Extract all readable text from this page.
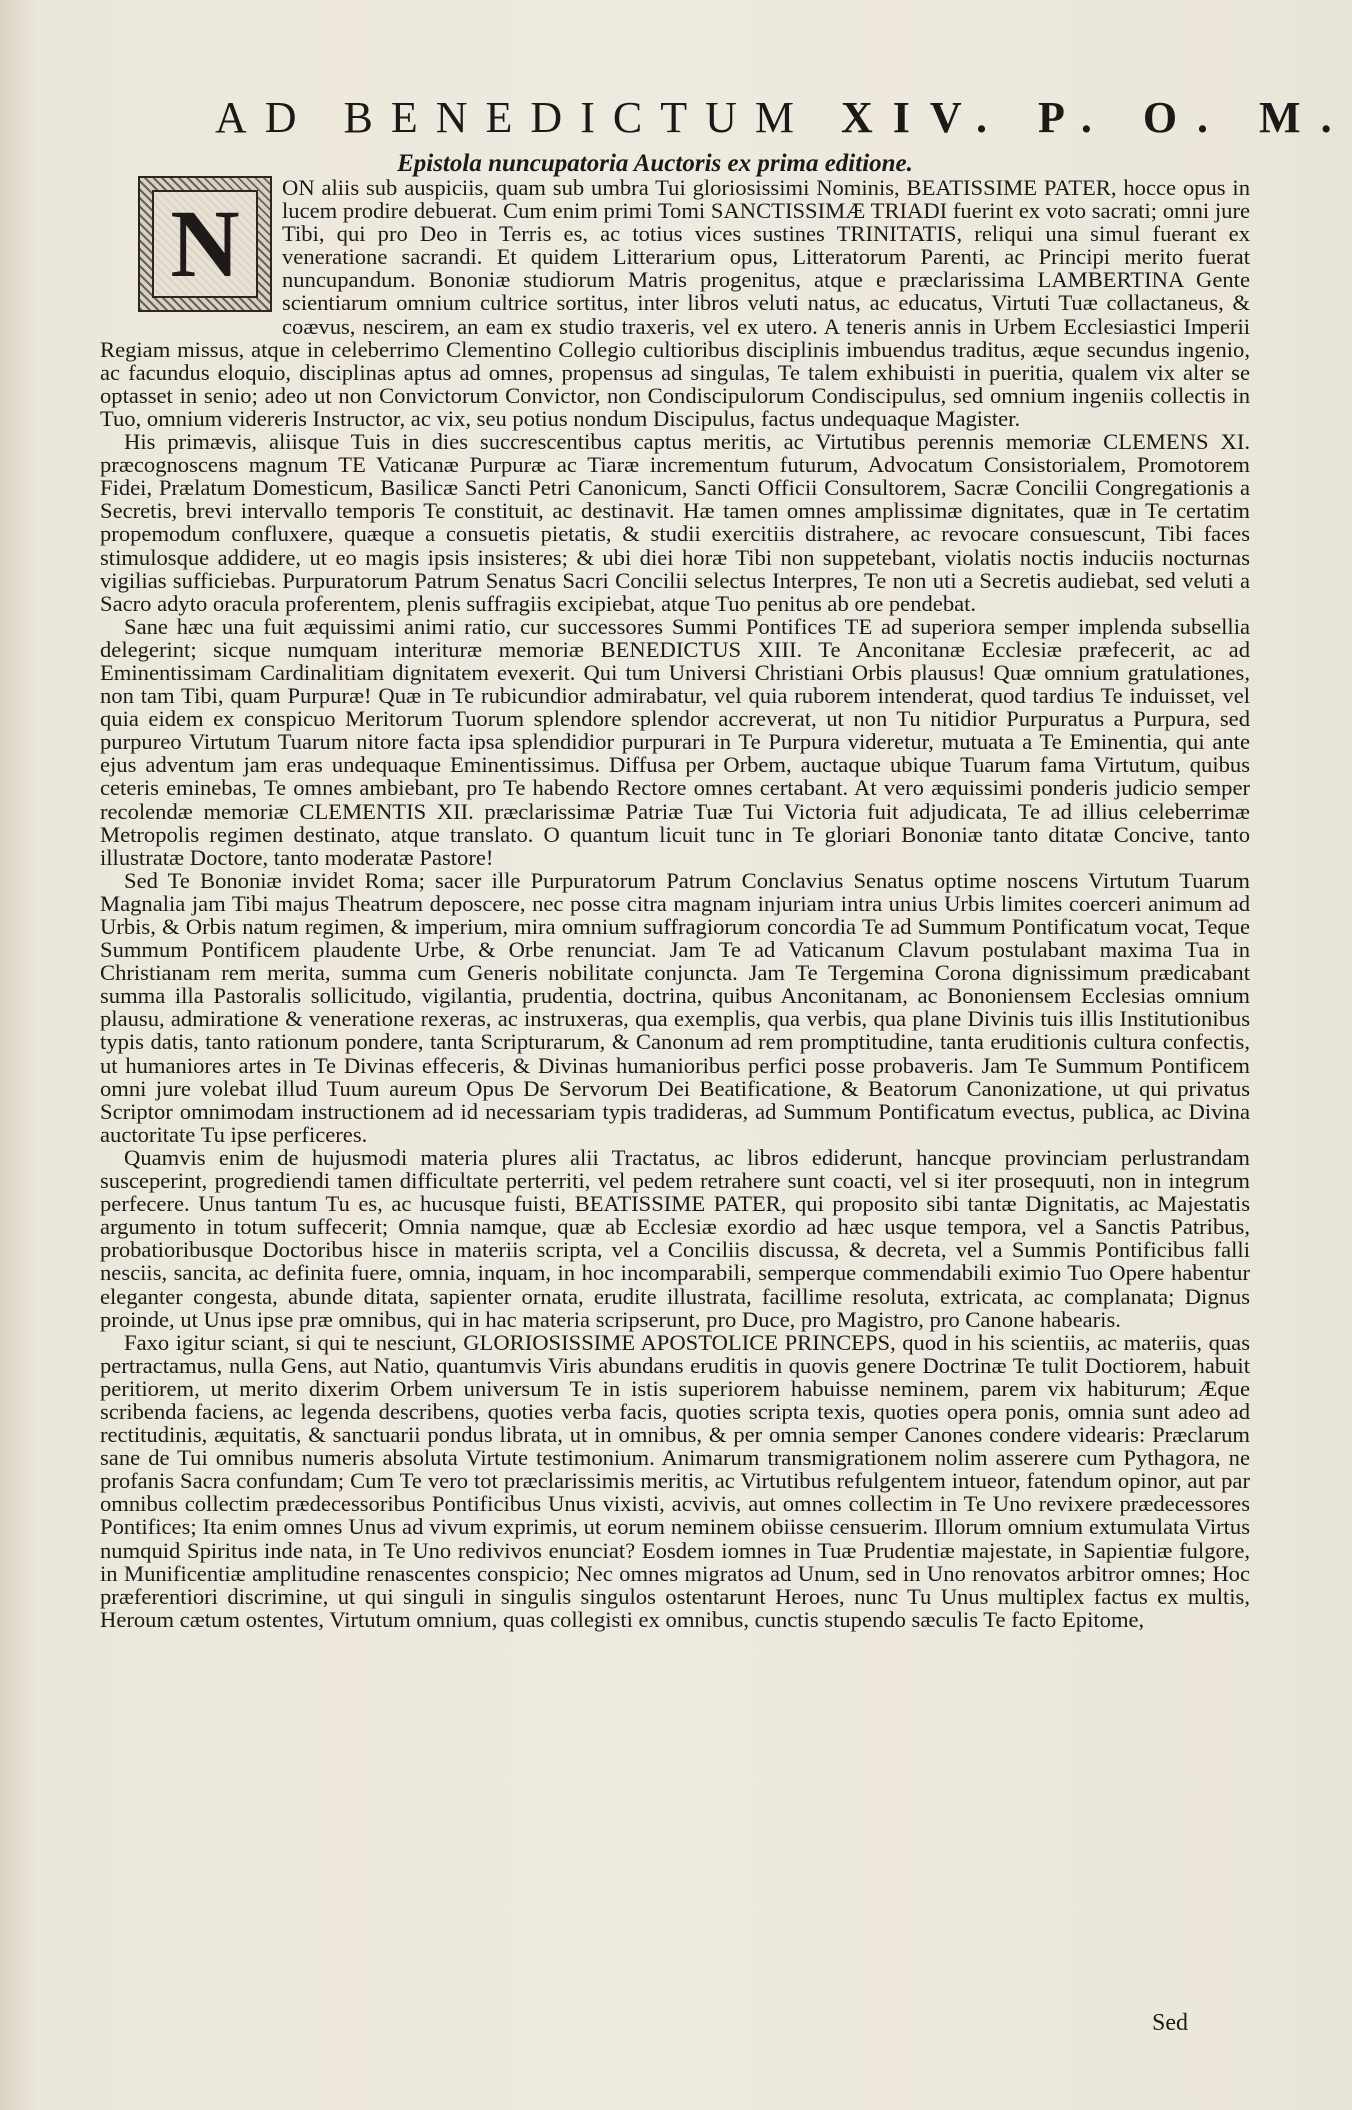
AD BENEDICTUM XIV. P. O. M.
Epistola nuncupatoria Auctoris ex prima editione.
N

ON aliis sub auspiciis, quam sub umbra Tui gloriosissimi Nominis, BEATISSIME PATER, hocce opus in lucem prodire debuerat. Cum enim primi Tomi SANCTISSIMÆ TRIADI fuerint ex voto sacrati; omni jure Tibi, qui pro Deo in Terris es, ac totius vices sustines TRINITATIS, reliqui una simul fuerant ex veneratione sacrandi. Et quidem Litterarium opus, Litteratorum Parenti, ac Principi merito fuerat nuncupandum. Bononiæ studiorum Matris progenitus, atque e præclarissima LAMBERTINA Gente scientiarum omnium cultrice sortitus, inter libros veluti natus, ac educatus, Virtuti Tuæ collactaneus, & coævus, nescirem, an eam ex studio traxeris, vel ex utero. A teneris annis in Urbem Ecclesiastici Imperii Regiam missus, atque in celeberrimo Clementino Collegio cultioribus disciplinis imbuendus traditus, æque secundus ingenio, ac facundus eloquio, disciplinas aptus ad omnes, propensus ad singulas, Te talem exhibuisti in pueritia, qualem vix alter se optasset in senio; adeo ut non Convictorum Convictor, non Condiscipulorum Condiscipulus, sed omnium ingeniis collectis in Tuo, omnium videreris Instructor, ac vix, seu potius nondum Discipulus, factus undequaque Magister.

His primævis, aliisque Tuis in dies succrescentibus captus meritis, ac Virtutibus perennis memoriæ CLEMENS XI. præcognoscens magnum TE Vaticanæ Purpuræ ac Tiaræ incrementum futurum, Advocatum Consistorialem, Promotorem Fidei, Prælatum Domesticum, Basilicæ Sancti Petri Canonicum, Sancti Officii Consultorem, Sacræ Concilii Congregationis a Secretis, brevi intervallo temporis Te constituit, ac destinavit. Hæ tamen omnes amplissimæ dignitates, quæ in Te certatim propemodum confluxere, quæque a consuetis pietatis, & studii exercitiis distrahere, ac revocare consuescunt, Tibi faces stimulosque addidere, ut eo magis ipsis insisteres; & ubi diei horæ Tibi non suppetebant, violatis noctis induciis nocturnas vigilias sufficiebas. Purpuratorum Patrum Senatus Sacri Concilii selectus Interpres, Te non uti a Secretis audiebat, sed veluti a Sacro adyto oracula proferentem, plenis suffragiis excipiebat, atque Tuo penitus ab ore pendebat.

Sane hæc una fuit æquissimi animi ratio, cur successores Summi Pontifices TE ad superiora semper implenda subsellia delegerint; sicque numquam interituræ memoriæ BENEDICTUS XIII. Te Anconitanæ Ecclesiæ præfecerit, ac ad Eminentissimam Cardinalitiam dignitatem evexerit. Qui tum Universi Christiani Orbis plausus! Quæ omnium gratulationes, non tam Tibi, quam Purpuræ! Quæ in Te rubicundior admirabatur, vel quia ruborem intenderat, quod tardius Te induisset, vel quia eidem ex conspicuo Meritorum Tuorum splendore splendor accreverat, ut non Tu nitidior Purpuratus a Purpura, sed purpureo Virtutum Tuarum nitore facta ipsa splendidior purpurari in Te Purpura videretur, mutuata a Te Eminentia, qui ante ejus adventum jam eras undequaque Eminentissimus. Diffusa per Orbem, auctaque ubique Tuarum fama Virtutum, quibus ceteris eminebas, Te omnes ambiebant, pro Te habendo Rectore omnes certabant. At vero æquissimi ponderis judicio semper recolendæ memoriæ CLEMENTIS XII. præclarissimæ Patriæ Tuæ Tui Victoria fuit adjudicata, Te ad illius celeberrimæ Metropolis regimen destinato, atque translato. O quantum licuit tunc in Te gloriari Bononiæ tanto ditatæ Concive, tanto illustratæ Doctore, tanto moderatæ Pastore!

Sed Te Bononiæ invidet Roma; sacer ille Purpuratorum Patrum Conclavius Senatus optime noscens Virtutum Tuarum Magnalia jam Tibi majus Theatrum deposcere, nec posse citra magnam injuriam intra unius Urbis limites coerceri animum ad Urbis, & Orbis natum regimen, & imperium, mira omnium suffragiorum concordia Te ad Summum Pontificatum vocat, Teque Summum Pontificem plaudente Urbe, & Orbe renunciat. Jam Te ad Vaticanum Clavum postulabant maxima Tua in Christianam rem merita, summa cum Generis nobilitate conjuncta. Jam Te Tergemina Corona dignissimum prædicabant summa illa Pastoralis sollicitudo, vigilantia, prudentia, doctrina, quibus Anconitanam, ac Bononiensem Ecclesias omnium plausu, admiratione & veneratione rexeras, ac instruxeras, qua exemplis, qua verbis, qua plane Divinis tuis illis Institutionibus typis datis, tanto rationum pondere, tanta Scripturarum, & Canonum ad rem promptitudine, tanta eruditionis cultura confectis, ut humaniores artes in Te Divinas effeceris, & Divinas humanioribus perfici posse probaveris. Jam Te Summum Pontificem omni jure volebat illud Tuum aureum Opus De Servorum Dei Beatificatione, & Beatorum Canonizatione, ut qui privatus Scriptor omnimodam instructionem ad id necessariam typis tradideras, ad Summum Pontificatum evectus, publica, ac Divina auctoritate Tu ipse perficeres.

Quamvis enim de hujusmodi materia plures alii Tractatus, ac libros ediderunt, hancque provinciam perlustrandam susceperint, progrediendi tamen difficultate perterriti, vel pedem retrahere sunt coacti, vel si iter prosequuti, non in integrum perfecere. Unus tantum Tu es, ac hucusque fuisti, BEATISSIME PATER, qui proposito sibi tantæ Dignitatis, ac Majestatis argumento in totum suffecerit; Omnia namque, quæ ab Ecclesiæ exordio ad hæc usque tempora, vel a Sanctis Patribus, probatioribusque Doctoribus hisce in materiis scripta, vel a Conciliis discussa, & decreta, vel a Summis Pontificibus falli nesciis, sancita, ac definita fuere, omnia, inquam, in hoc incomparabili, semperque commendabili eximio Tuo Opere habentur eleganter congesta, abunde ditata, sapienter ornata, erudite illustrata, facillime resoluta, extricata, ac complanata; Dignus proinde, ut Unus ipse præ omnibus, qui in hac materia scripserunt, pro Duce, pro Magistro, pro Canone habearis.

Faxo igitur sciant, si qui te nesciunt, GLORIOSISSIME APOSTOLICE PRINCEPS, quod in his scientiis, ac materiis, quas pertractamus, nulla Gens, aut Natio, quantumvis Viris abundans eruditis in quovis genere Doctrinæ Te tulit Doctiorem, habuit peritiorem, ut merito dixerim Orbem universum Te in istis superiorem habuisse neminem, parem vix habiturum; Æque scribenda faciens, ac legenda describens, quoties verba facis, quoties scripta texis, quoties opera ponis, omnia sunt adeo ad rectitudinis, æquitatis, & sanctuarii pondus librata, ut in omnibus, & per omnia semper Canones condere videaris: Præclarum sane de Tui omnibus numeris absoluta Virtute testimonium. Animarum transmigrationem nolim asserere cum Pythagora, ne profanis Sacra confundam; Cum Te vero tot præclarissimis meritis, ac Virtutibus refulgentem intueor, fatendum opinor, aut par omnibus collectim prædecessoribus Pontificibus Unus vixisti, acvivis, aut omnes collectim in Te Uno revixere prædecessores Pontifices; Ita enim omnes Unus ad vivum exprimis, ut eorum neminem obiisse censuerim. Illorum omnium extumulata Virtus numquid Spiritus inde nata, in Te Uno redivivos enunciat? Eosdem iomnes in Tuæ Prudentiæ majestate, in Sapientiæ fulgore, in Munificentiæ amplitudine renascentes conspicio; Nec omnes migratos ad Unum, sed in Uno renovatos arbitror omnes; Hoc præferentiori discrimine, ut qui singuli in singulis singulos ostentarunt Heroes, nunc Tu Unus multiplex factus ex multis, Heroum cætum ostentes, Virtutum omnium, quas collegisti ex omnibus, cunctis stupendo sæculis Te facto Epitome,

Sed
